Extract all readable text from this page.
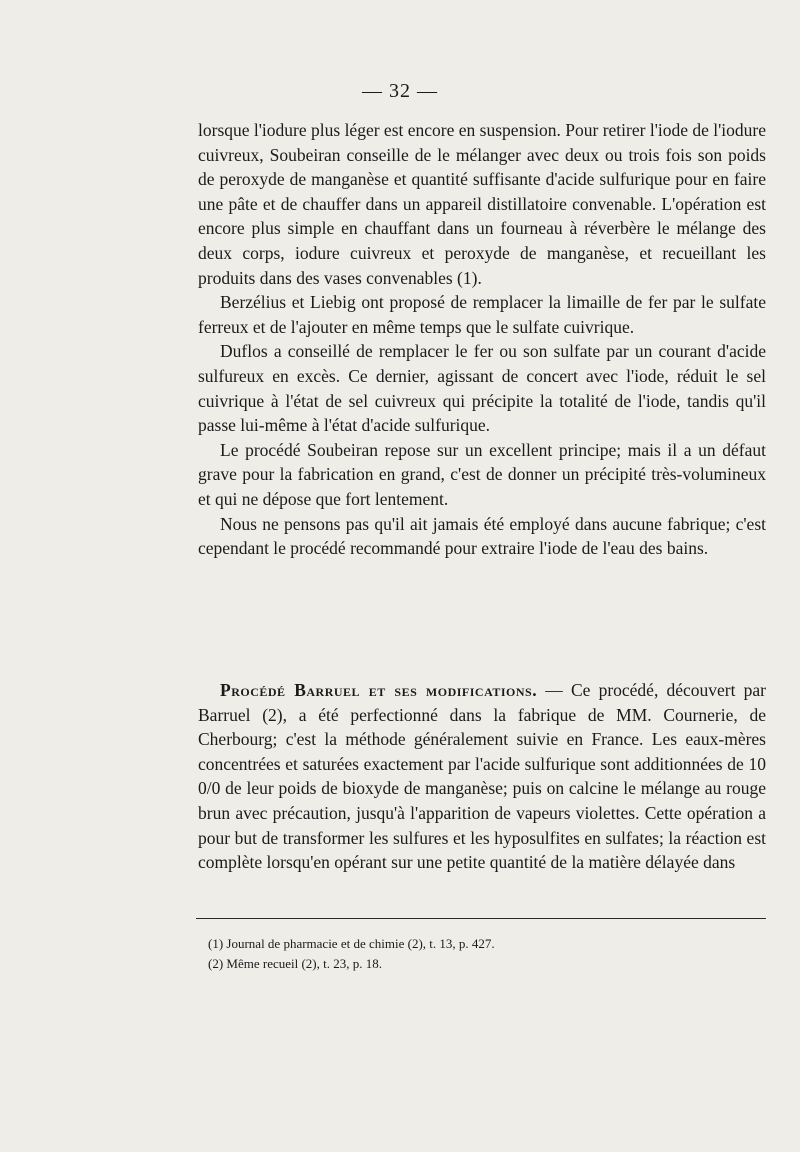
— 32 —

lorsque l'iodure plus léger est encore en suspension. Pour retirer l'iode de l'iodure cuivreux, Soubeiran conseille de le mélanger avec deux ou trois fois son poids de peroxyde de manganèse et quantité suffisante d'acide sulfurique pour en faire une pâte et de chauffer dans un appareil distillatoire convenable. L'opération est encore plus simple en chauffant dans un fourneau à réverbère le mélange des deux corps, iodure cuivreux et peroxyde de manganèse, et recueillant les produits dans des vases convenables (1).

Berzélius et Liebig ont proposé de remplacer la limaille de fer par le sulfate ferreux et de l'ajouter en même temps que le sulfate cuivrique.

Duflos a conseillé de remplacer le fer ou son sulfate par un courant d'acide sulfureux en excès. Ce dernier, agissant de concert avec l'iode, réduit le sel cuivrique à l'état de sel cuivreux qui précipite la totalité de l'iode, tandis qu'il passe lui-même à l'état d'acide sulfurique.

Le procédé Soubeiran repose sur un excellent principe; mais il a un défaut grave pour la fabrication en grand, c'est de donner un précipité très-volumineux et qui ne dépose que fort lentement.

Nous ne pensons pas qu'il ait jamais été employé dans aucune fabrique; c'est cependant le procédé recommandé pour extraire l'iode de l'eau des bains.

Procédé Barruel et ses modifications. — Ce procédé, découvert par Barruel (2), a été perfectionné dans la fabrique de MM. Cournerie, de Cherbourg; c'est la méthode généralement suivie en France. Les eaux-mères concentrées et saturées exactement par l'acide sulfurique sont additionnées de 10 0/0 de leur poids de bioxyde de manganèse; puis on calcine le mélange au rouge brun avec précaution, jusqu'à l'apparition de vapeurs violettes. Cette opération a pour but de transformer les sulfures et les hyposulfites en sulfates; la réaction est complète lorsqu'en opérant sur une petite quantité de la matière délayée dans

(1) Journal de pharmacie et de chimie (2), t. 13, p. 427.
(2) Même recueil (2), t. 23, p. 18.
